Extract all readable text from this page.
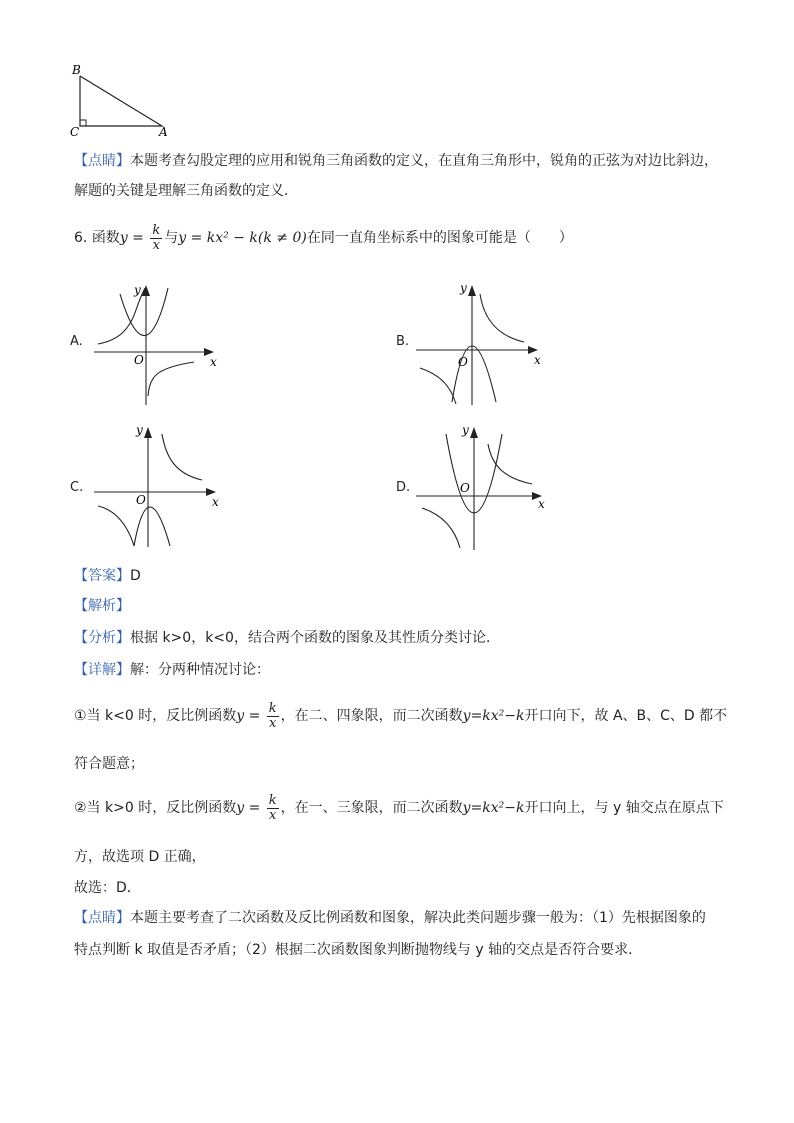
B
C	A
【点睛】本题考查勾股定理的应用和锐角三角函数的定义，在直角三角形中，锐角的正弦为对边比斜边，
解题的关键是理解三角函数的定义．
6. 函数$y = \frac{k}{x}$ 与y = kx² − k(k ≠ 0)在同一直角坐标系中的图象可能是（　　）
A.
x
y
O
B.
x
y
O
C.
x
y
O
D.
x
y
O
【答案】D
【解析】
【分析】根据 k>0，k<0，结合两个函数的图象及其性质分类讨论．
【详解】解：分两种情况讨论：
①当 k<0 时，反比例函数$y = \frac{k}{x}$ ，在二、四象限，而二次函数y=kx²−k开口向下，故 A、B、C、D 都不
符合题意；
②当 k>0 时，反比例函数$y = \frac{k}{x}$ ，在一、三象限，而二次函数y=kx²−k开口向上，与 y 轴交点在原点下
方，故选项 D 正确，
故选：D．
【点睛】本题主要考查了二次函数及反比例函数和图象，解决此类问题步骤一般为：（1）先根据图象的
特点判断 k 取值是否矛盾；（2）根据二次函数图象判断抛物线与 y 轴的交点是否符合要求．
